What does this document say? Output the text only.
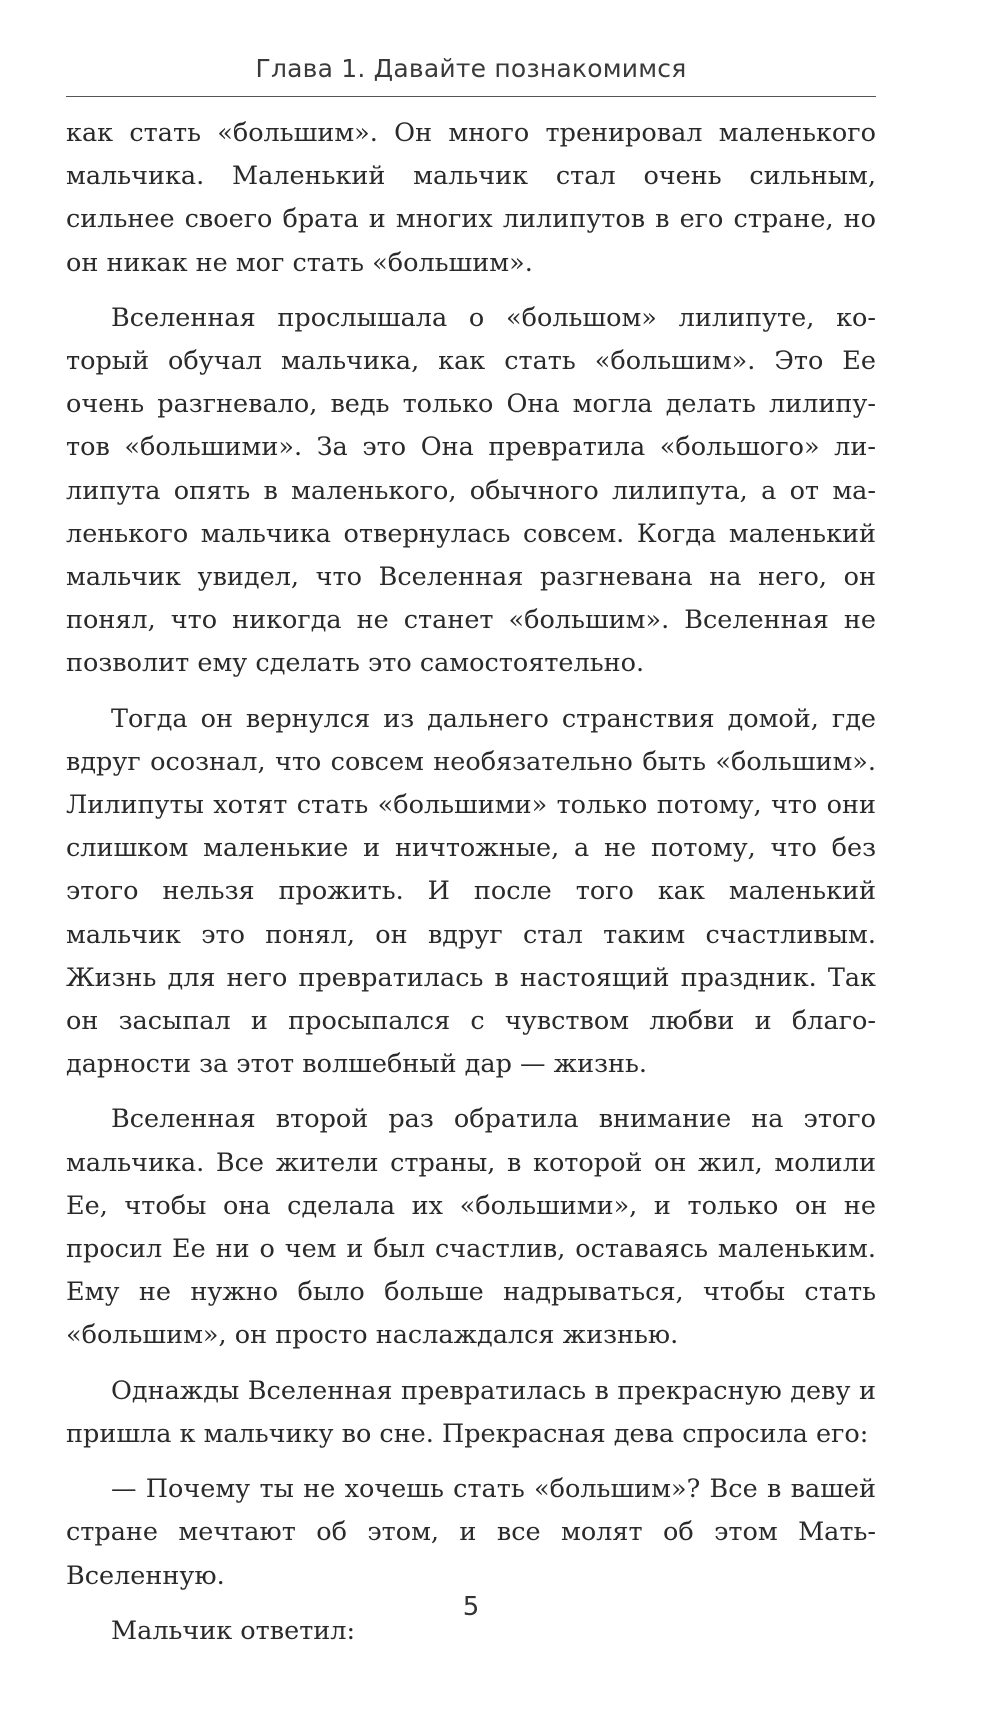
Глава 1. Давайте познакомимся

как стать «большим». Он много тренировал маленького мальчика. Маленький мальчик стал очень сильным, сильнее своего брата и многих лилипутов в его стране, но он никак не мог стать «большим».

Вселенная прослышала о «большом» лилипуте, который обучал мальчика, как стать «большим». Это Ее очень разгневало, ведь только Она могла делать лилипутов «большими». За это Она превратила «большого» лилипута опять в маленького, обычного лилипута, а от маленького мальчика отвернулась совсем. Когда маленький мальчик увидел, что Вселенная разгневана на него, он понял, что никогда не станет «большим». Вселенная не позволит ему сделать это самостоятельно.

Тогда он вернулся из дальнего странствия домой, где вдруг осознал, что совсем необязательно быть «большим». Лилипуты хотят стать «большими» только потому, что они слишком маленькие и ничтожные, а не потому, что без этого нельзя прожить. И после того как маленький мальчик это понял, он вдруг стал таким счастливым. Жизнь для него превратилась в настоящий праздник. Так он засыпал и просыпался с чувством любви и благодарности за этот волшебный дар — жизнь.

Вселенная второй раз обратила внимание на этого мальчика. Все жители страны, в которой он жил, молили Ее, чтобы она сделала их «большими», и только он не просил Ее ни о чем и был счастлив, оставаясь маленьким. Ему не нужно было больше надрываться, чтобы стать «большим», он просто наслаждался жизнью.

Однажды Вселенная превратилась в прекрасную деву и пришла к мальчику во сне. Прекрасная дева спросила его:

— Почему ты не хочешь стать «большим»? Все в вашей стране мечтают об этом, и все молят об этом Мать-Вселенную.

Мальчик ответил:

5
